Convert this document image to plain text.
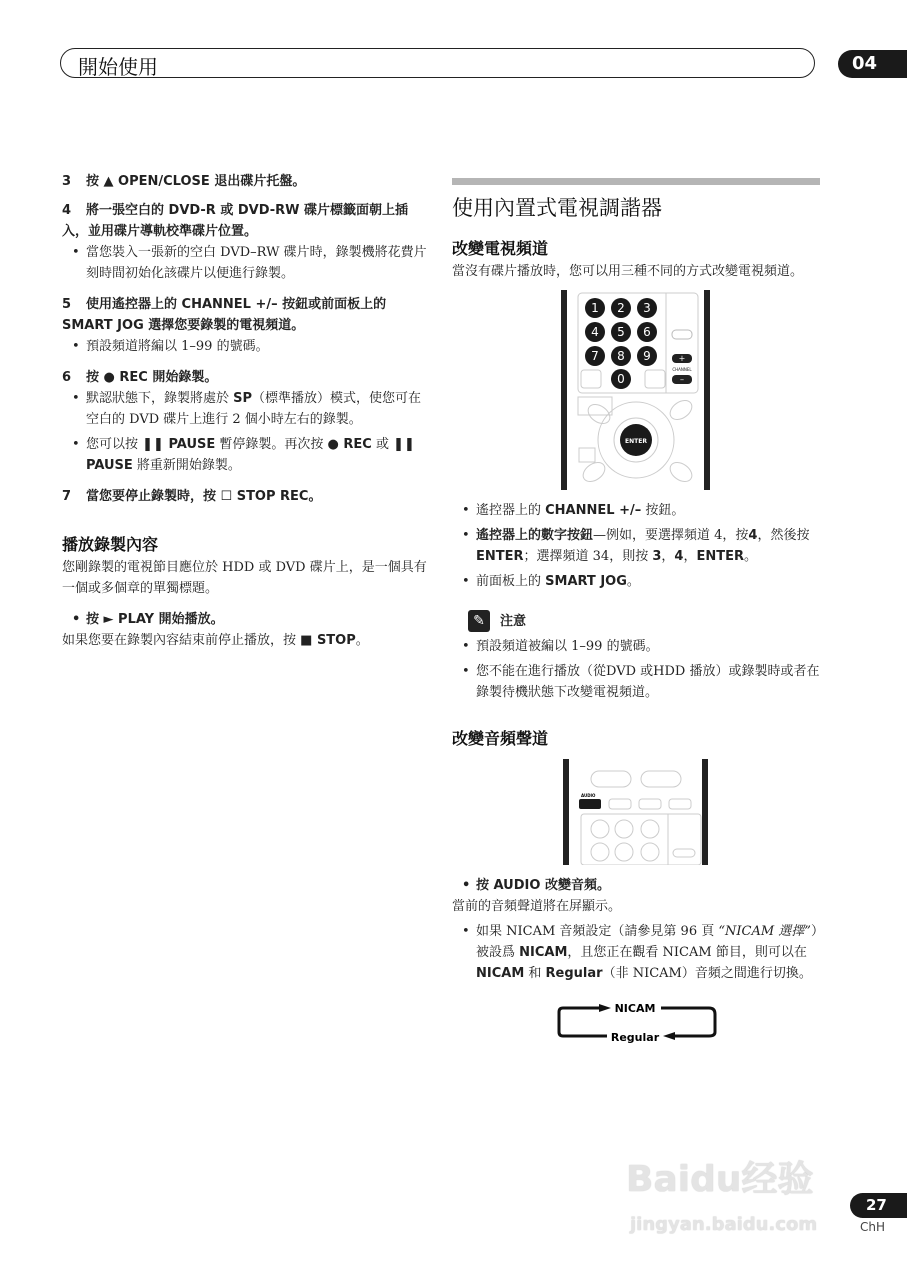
開始使用	04
3 按 ▲ OPEN/CLOSE 退出碟片托盤。
4 將一張空白的 DVD-R 或 DVD-RW 碟片標籤面朝上插入，並用碟片導軌校準碟片位置。
• 當您裝入一張新的空白 DVD–RW 碟片時，錄製機將花費片刻時間初始化該碟片以便進行錄製。
5 使用遙控器上的 CHANNEL +/– 按鈕或前面板上的 SMART JOG 選擇您要錄製的電視頻道。
• 預設頻道將編以 1–99 的號碼。
6 按 ● REC 開始錄製。
• 默認狀態下，錄製將處於 SP（標準播放）模式，使您可在空白的 DVD 碟片上進行 2 個小時左右的錄製。
• 您可以按 ❚❚ PAUSE 暫停錄製。再次按 ● REC 或 ❚❚ PAUSE 將重新開始錄製。
7 當您要停止錄製時，按 ☐ STOP REC。
播放錄製內容
您剛錄製的電視節目應位於 HDD 或 DVD 碟片上，是一個具有一個或多個章的單獨標題。
• 按 ► PLAY 開始播放。
如果您要在錄製內容結束前停止播放，按 ■ STOP。
使用內置式電視調諧器
改變電視頻道
當沒有碟片播放時，您可以用三種不同的方式改變電視頻道。
1 2 3
4 5 6
7 8 9
0
+
CHANNEL
–
ENTER
• 遙控器上的 CHANNEL +/– 按鈕。
• 遙控器上的數字按鈕—例如，要選擇頻道 4，按4，然後按 ENTER；選擇頻道 34，則按 3，4，ENTER。
• 前面板上的 SMART JOG。
✎	注意
• 預設頻道被編以 1–99 的號碼。
• 您不能在進行播放（從DVD 或HDD 播放）或錄製時或者在錄製待機狀態下改變電視頻道。
改變音頻聲道
AUDIO
• 按 AUDIO 改變音頻。
當前的音頻聲道將在屏顯示。
• 如果 NICAM 音頻設定（請參見第 96 頁 “NICAM 選擇”）被設爲 NICAM，且您正在觀看 NICAM 節目，則可以在 NICAM 和 Regular（非 NICAM）音頻之間進行切換。
NICAM
Regular
Baidu经验
jingyan.baidu.com
27
ChH
